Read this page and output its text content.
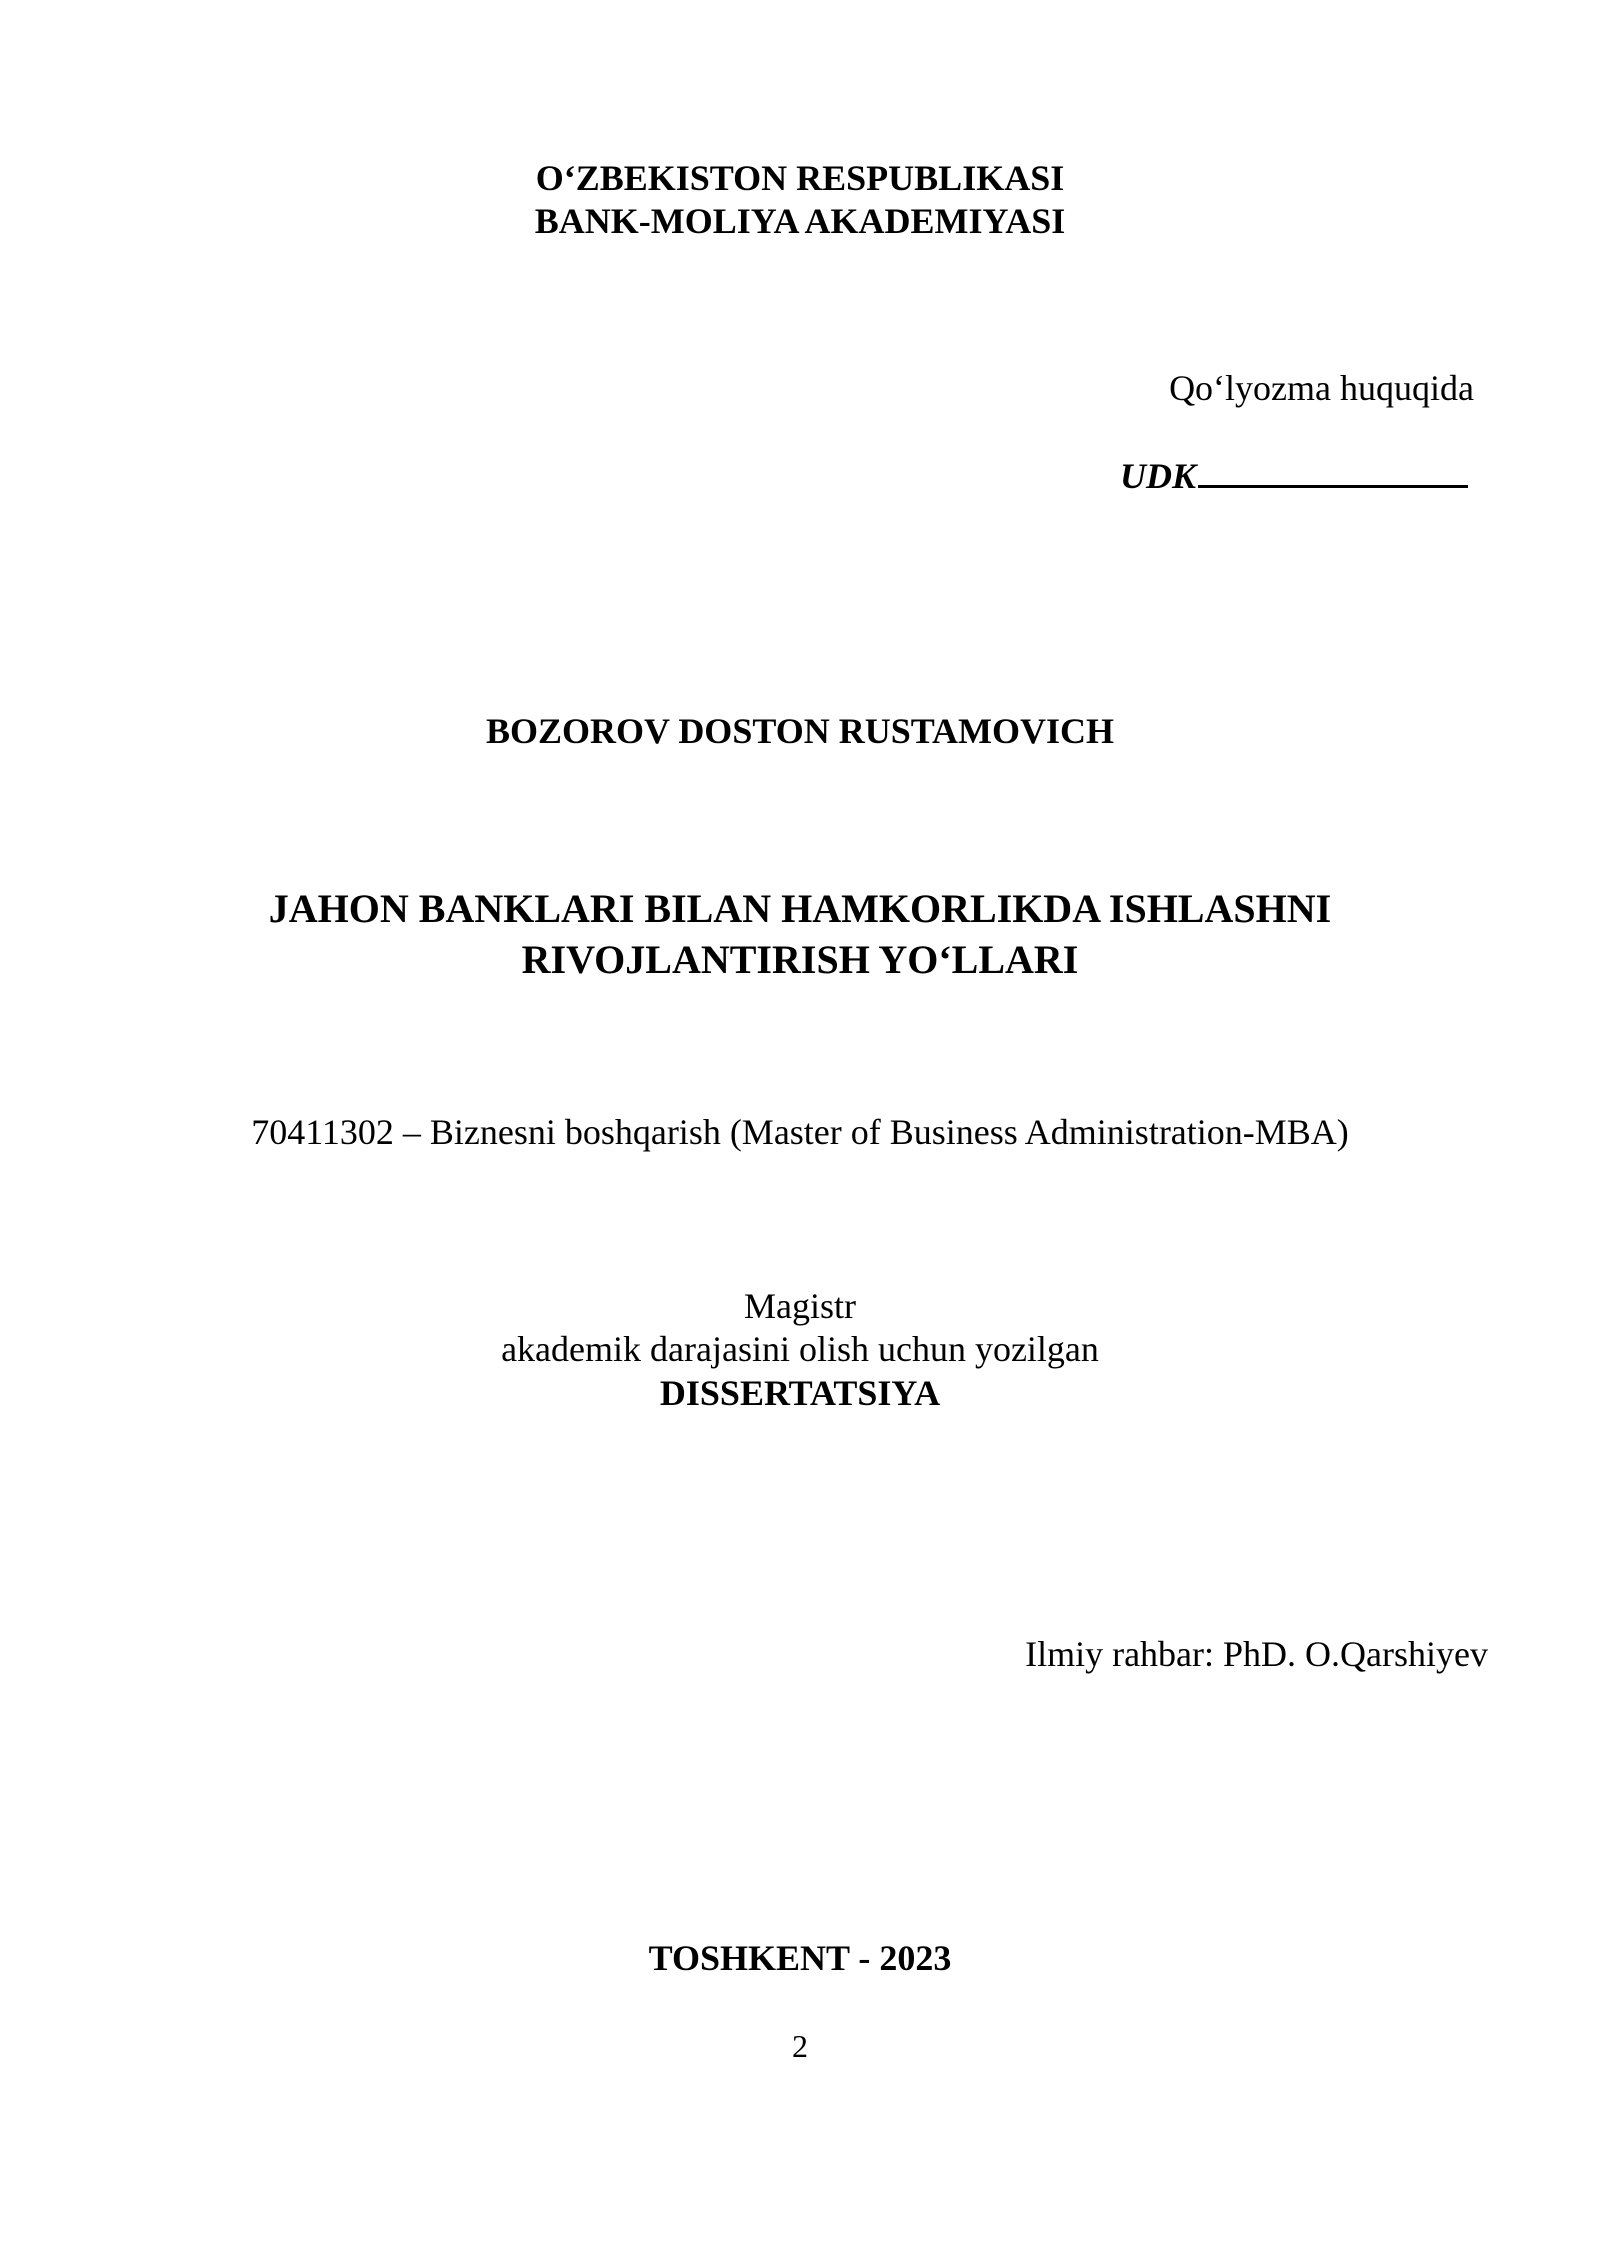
O‘ZBEKISTON RESPUBLIKASI
BANK-MOLIYA AKADEMIYASI
Qo‘lyozma huquqida
UDK
BOZOROV DOSTON RUSTAMOVICH
JAHON BANKLARI BILAN HAMKORLIKDA ISHLASHNI
RIVOJLANTIRISH YO‘LLARI
70411302 – Biznesni boshqarish (Master of Business Administration-MBA)
Magistr
akademik darajasini olish uchun yozilgan
DISSERTATSIYA
Ilmiy rahbar: PhD. O.Qarshiyev
TOSHKENT - 2023
2
